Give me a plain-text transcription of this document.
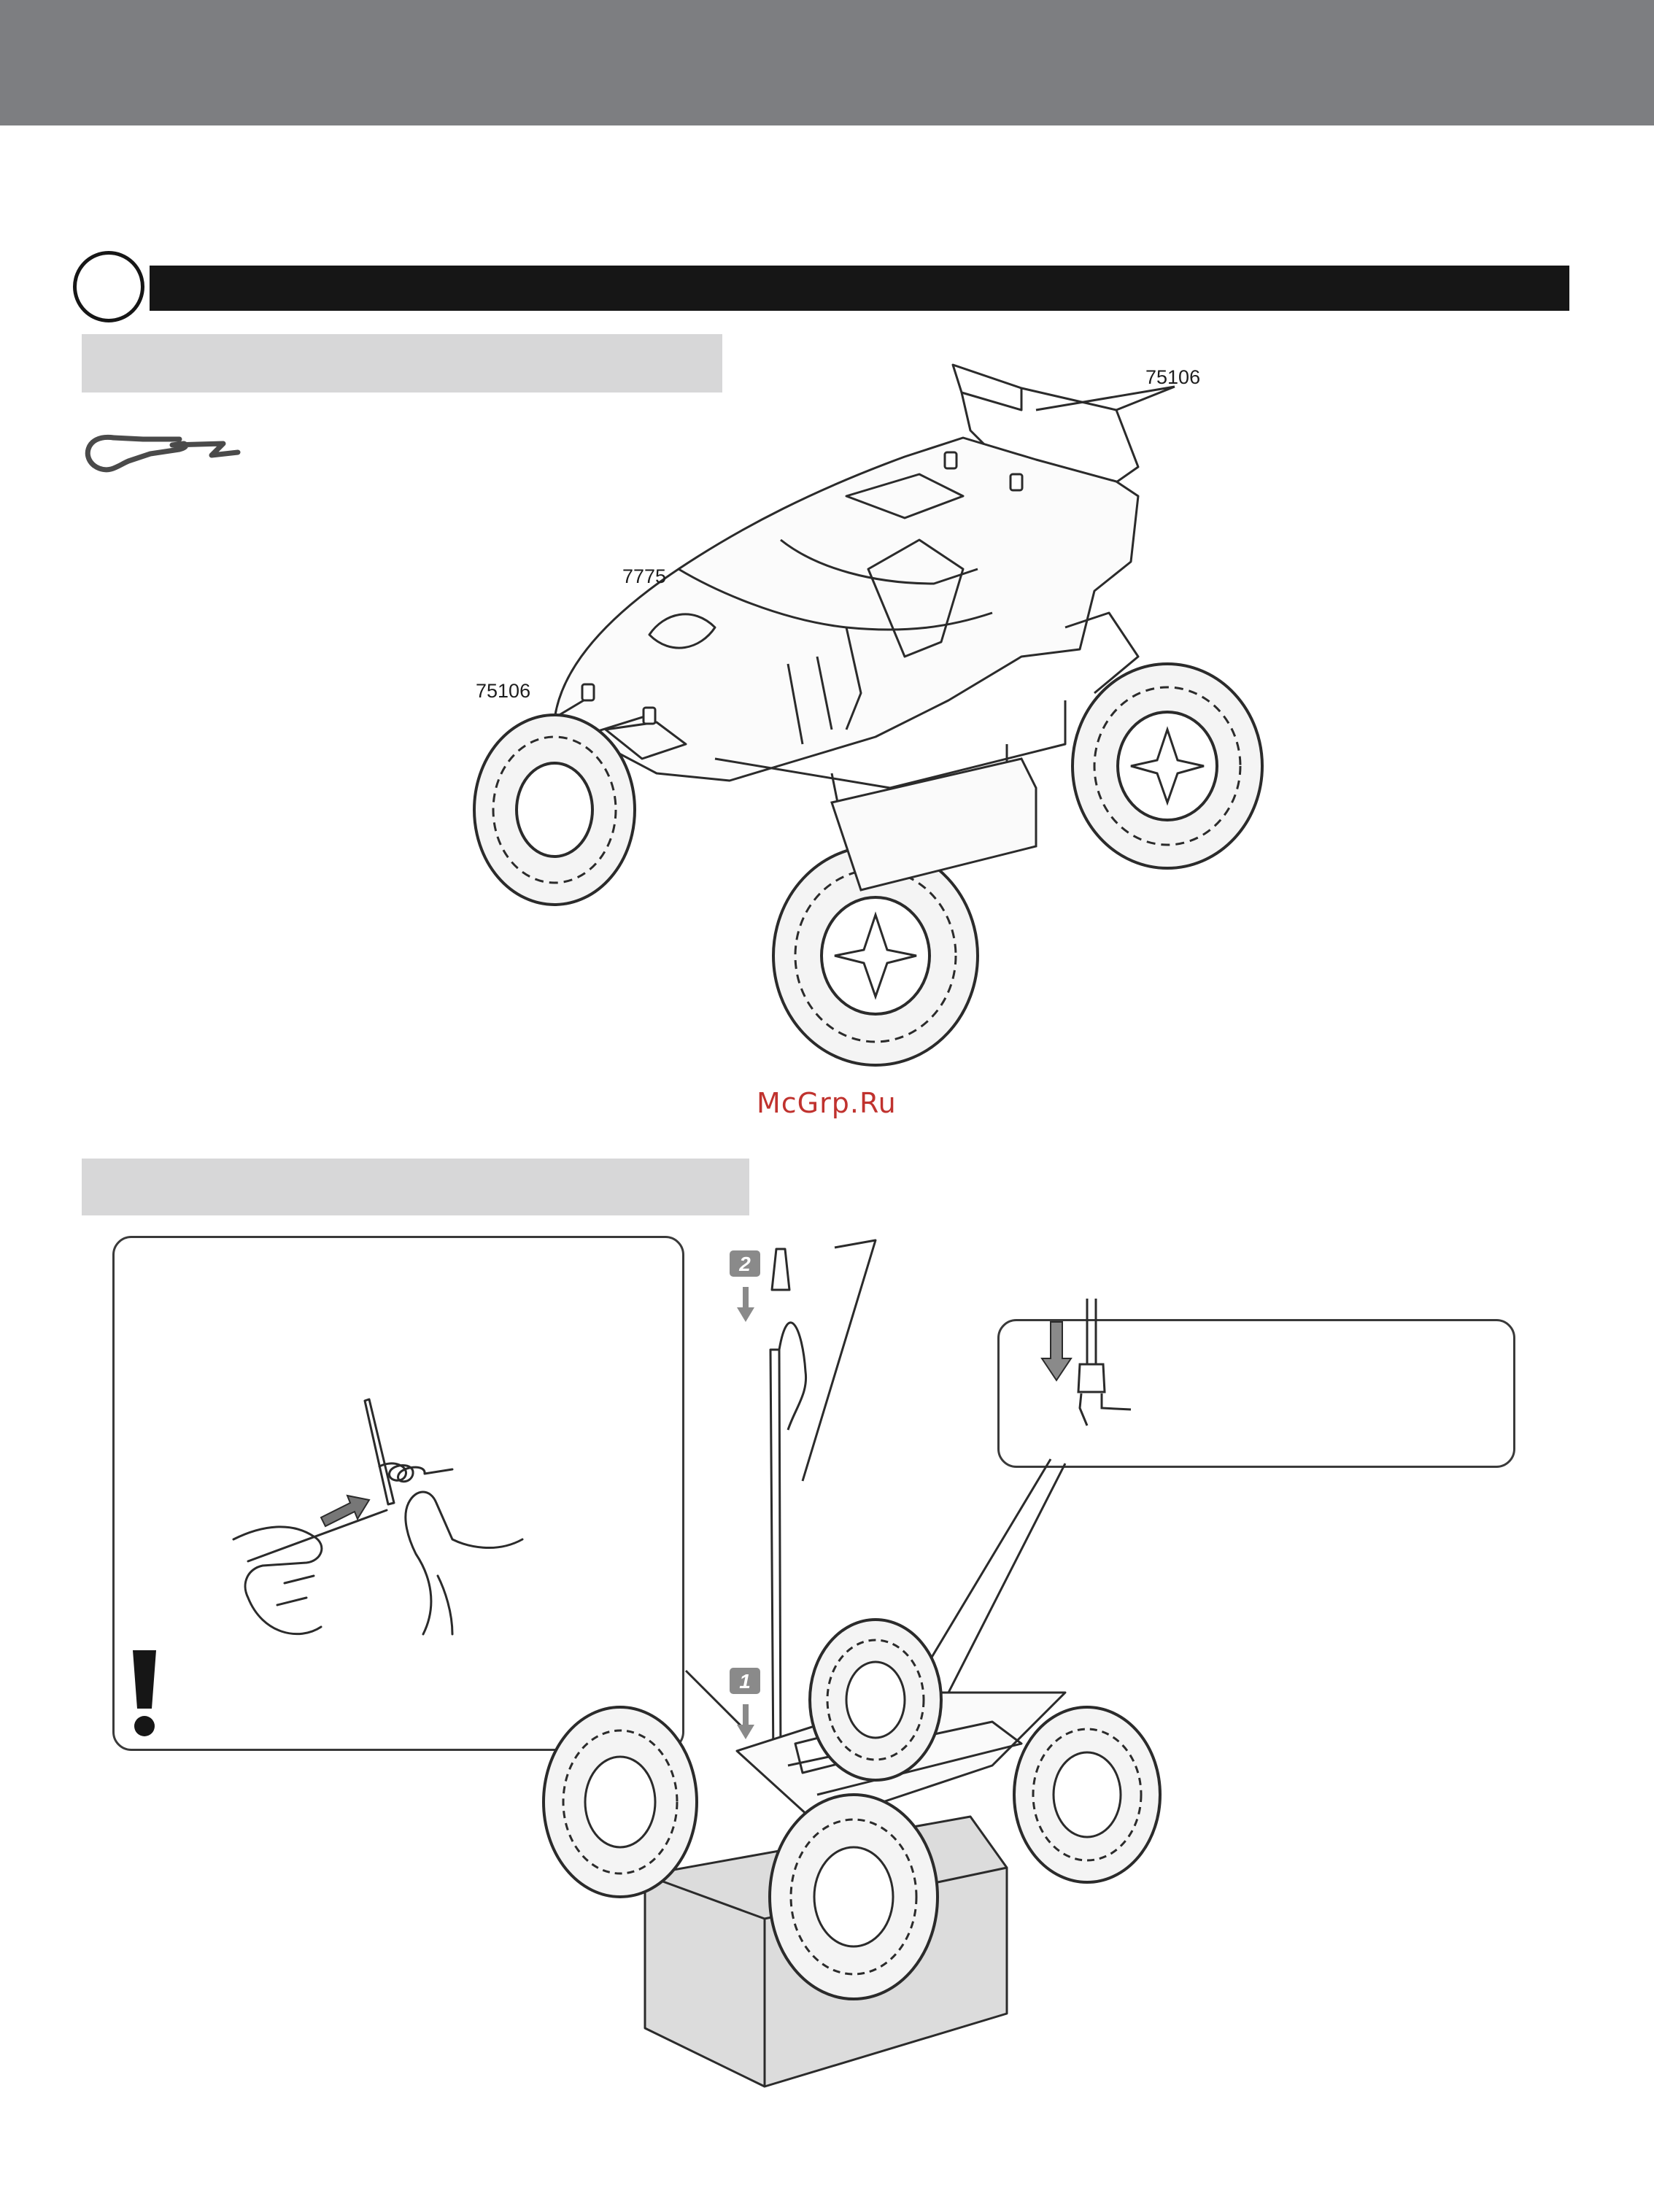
75106
7775
75106
McGrp.Ru
2
1
